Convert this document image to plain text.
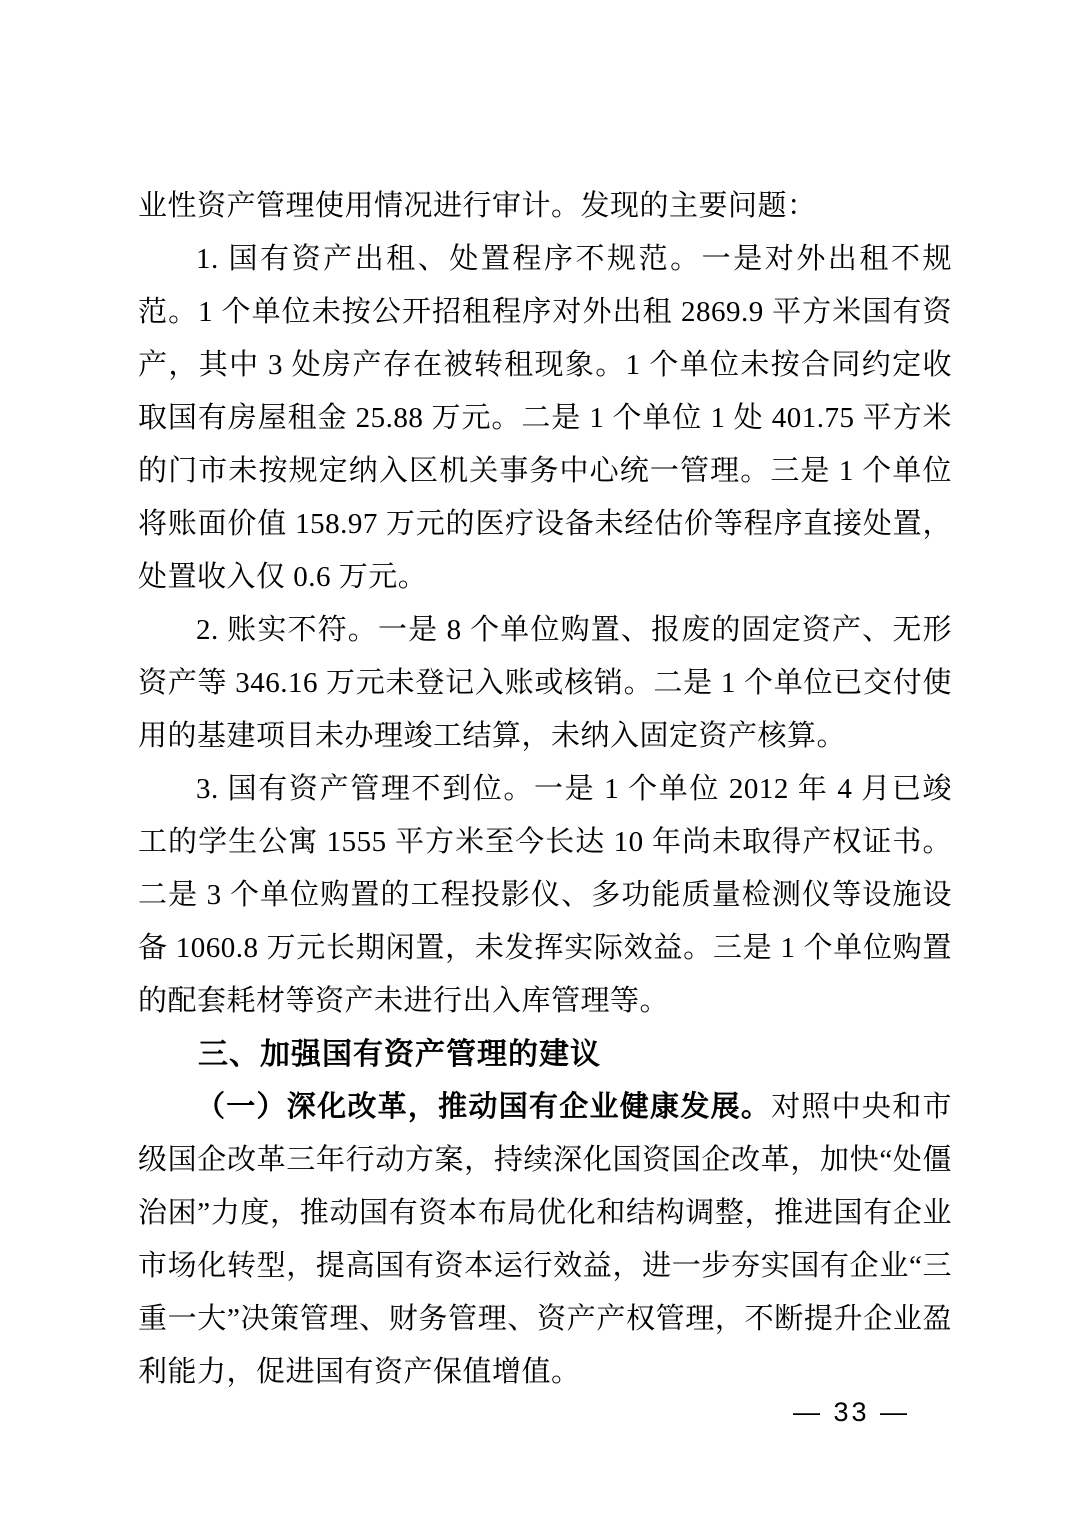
业性资产管理使用情况进行审计。发现的主要问题：

1. 国有资产出租、处置程序不规范。一是对外出租不规范。1 个单位未按公开招租程序对外出租 2869.9 平方米国有资产，其中 3 处房产存在被转租现象。1 个单位未按合同约定收取国有房屋租金 25.88 万元。二是 1 个单位 1 处 401.75 平方米的门市未按规定纳入区机关事务中心统一管理。三是 1 个单位将账面价值 158.97 万元的医疗设备未经估价等程序直接处置，处置收入仅 0.6 万元。

2. 账实不符。一是 8 个单位购置、报废的固定资产、无形资产等 346.16 万元未登记入账或核销。二是 1 个单位已交付使用的基建项目未办理竣工结算，未纳入固定资产核算。

3. 国有资产管理不到位。一是 1 个单位 2012 年 4 月已竣工的学生公寓 1555 平方米至今长达 10 年尚未取得产权证书。二是 3 个单位购置的工程投影仪、多功能质量检测仪等设施设备 1060.8 万元长期闲置，未发挥实际效益。三是 1 个单位购置的配套耗材等资产未进行出入库管理等。

三、加强国有资产管理的建议

（一）深化改革，推动国有企业健康发展。对照中央和市级国企改革三年行动方案，持续深化国资国企改革，加快“处僵治困”力度，推动国有资本布局优化和结构调整，推进国有企业市场化转型，提高国有资本运行效益，进一步夯实国有企业“三重一大”决策管理、财务管理、资产产权管理，不断提升企业盈利能力，促进国有资产保值增值。

— 33 —
